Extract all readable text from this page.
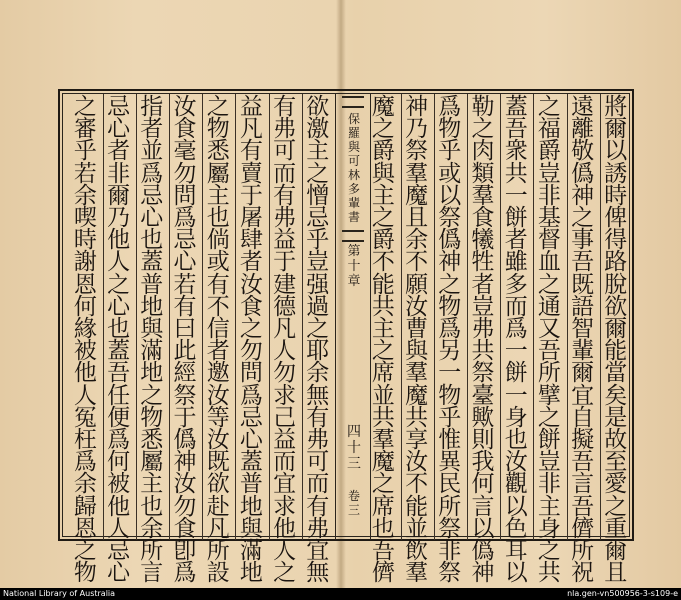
將
爾
以
誘
時
俾
得
路
脫
欲
爾
能
當
矣
是
故
至
愛
之
重
爾
且
遠
離
敬
僞
神
之
事
吾
既
語
智
輩
爾
宜
自
擬
吾
言
吾
儕
所
祝
之
福
爵
豈
非
基
督
血
之
通
又
吾
所
擘
之
餅
豈
非
主
身
之
共
蓋
吾
衆
共
一
餅
者
雖
多
而
爲
一
餅
一
身
也
汝
觀
以
色
耳
以
勒
之
肉
類
羣
食
犧
牲
者
豈
弗
共
祭
臺
歟
則
我
何
言
以
僞
神
爲
物
乎
或
以
祭
僞
神
之
物
爲
另
一
物
乎
惟
異
民
所
祭
非
祭
神
乃
祭
羣
魔
且
余
不
願
汝
曹
與
羣
魔
共
享
汝
不
能
並
飲
羣
魔
之
爵
與
主
之
爵
不
能
共
主
之
席
並
共
羣
魔
之
席
也
吾
儕
欲
激
主
之
憎
忌
乎
豈
强
過
之
耶
余
無
有
弗
可
而
有
弗
宜
無
有
弗
可
而
有
弗
益
于
建
德
凡
人
勿
求
己
益
而
宜
求
他
人
之
益
凡
有
賣
于
屠
肆
者
汝
食
之
勿
問
爲
忌
心
蓋
普
地
與
滿
地
之
物
悉
屬
主
也
倘
或
有
不
信
者
邀
汝
等
汝
既
欲
赴
凡
所
設
汝
食
毫
勿
問
爲
忌
心
若
有
曰
此
經
祭
于
僞
神
汝
勿
食
卽
爲
指
者
並
爲
忌
心
也
蓋
普
地
與
滿
地
之
物
悉
屬
主
也
余
所
言
忌
心
者
非
爾
乃
他
人
之
心
也
蓋
吾
任
便
爲
何
被
他
人
忌
心
之
審
乎
若
余
喫
時
謝
恩
何
緣
被
他
人
冤
枉
爲
余
歸
恩
之
物
保
羅
與
可
林
多
輩
書
第
十
章
四
十
三
卷
三
National Library of Australia	nla.gen-vn500956-3-s109-e
